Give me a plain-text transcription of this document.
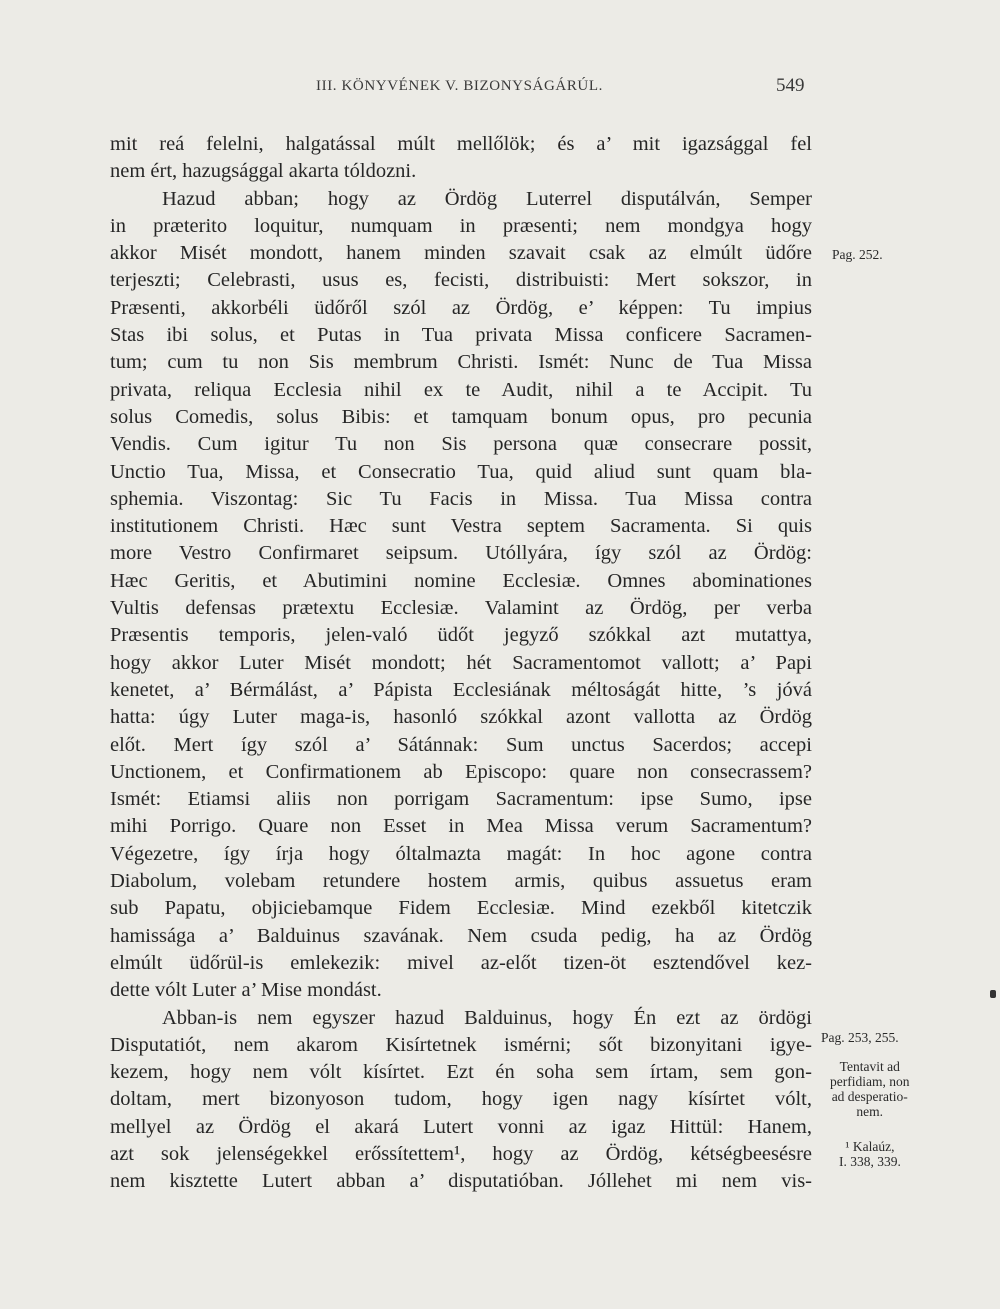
III. KÖNYVÉNEK V. BIZONYSÁGÁRÚL.	549
mit reá felelni, halgatással múlt mellőlök; és a’ mit igazsággal fel
nem ért, hazugsággal akarta tóldozni.
Hazud abban; hogy az Ördög Luterrel disputálván, Semper
in præterito loquitur, numquam in præsenti; nem mondgya hogy
akkor Misét mondott, hanem minden szavait csak az elmúlt üdőre
terjeszti; Celebrasti, usus es, fecisti, distribuisti: Mert sokszor, in
Præsenti, akkorbéli üdőről szól az Ördög, e’ képpen: Tu impius
Stas ibi solus, et Putas in Tua privata Missa conficere Sacramen-
tum; cum tu non Sis membrum Christi. Ismét: Nunc de Tua Missa
privata, reliqua Ecclesia nihil ex te Audit, nihil a te Accipit. Tu
solus Comedis, solus Bibis: et tamquam bonum opus, pro pecunia
Vendis. Cum igitur Tu non Sis persona quæ consecrare possit,
Unctio Tua, Missa, et Consecratio Tua, quid aliud sunt quam bla-
sphemia. Viszontag: Sic Tu Facis in Missa. Tua Missa contra
institutionem Christi. Hæc sunt Vestra septem Sacramenta. Si quis
more Vestro Confirmaret seipsum. Utóllyára, így szól az Ördög:
Hæc Geritis, et Abutimini nomine Ecclesiæ. Omnes abominationes
Vultis defensas prætextu Ecclesiæ. Valamint az Ördög, per verba
Præsentis temporis, jelen-való üdőt jegyző szókkal azt mutattya,
hogy akkor Luter Misét mondott; hét Sacramentomot vallott; a’ Papi
kenetet, a’ Bérmálást, a’ Pápista Ecclesiának méltoságát hitte, ’s jóvá
hatta: úgy Luter maga-is, hasonló szókkal azont vallotta az Ördög
előt. Mert így szól a’ Sátánnak: Sum unctus Sacerdos; accepi
Unctionem, et Confirmationem ab Episcopo: quare non consecrassem?
Ismét: Etiamsi aliis non porrigam Sacramentum: ipse Sumo, ipse
mihi Porrigo. Quare non Esset in Mea Missa verum Sacramentum?
Végezetre, így írja hogy óltalmazta magát: In hoc agone contra
Diabolum, volebam retundere hostem armis, quibus assuetus eram
sub Papatu, objiciebamque Fidem Ecclesiæ. Mind ezekből kitetczik
hamissága a’ Balduinus szavának. Nem csuda pedig, ha az Ördög
elmúlt üdőrül-is emlekezik: mivel az-előt tizen-öt esztendővel kez-
dette vólt Luter a’ Mise mondást.
Abban-is nem egyszer hazud Balduinus, hogy Én ezt az ördögi
Disputatiót, nem akarom Kisírtetnek ismérni; sőt bizonyitani igye-
kezem, hogy nem vólt kísírtet. Ezt én soha sem írtam, sem gon-
doltam, mert bizonyoson tudom, hogy igen nagy kísírtet vólt,
mellyel az Ördög el akará Lutert vonni az igaz Hittül: Hanem,
azt sok jelenségekkel erőssítettem¹, hogy az Ördög, kétségbeesésre
nem kisztette Lutert abban a’ disputatióban. Jóllehet mi nem vis-
Pag. 252.
Pag. 253, 255.
Tentavit ad
perfidiam, non
ad desperatio-
nem.
¹ Kalaúz,
I. 338, 339.
